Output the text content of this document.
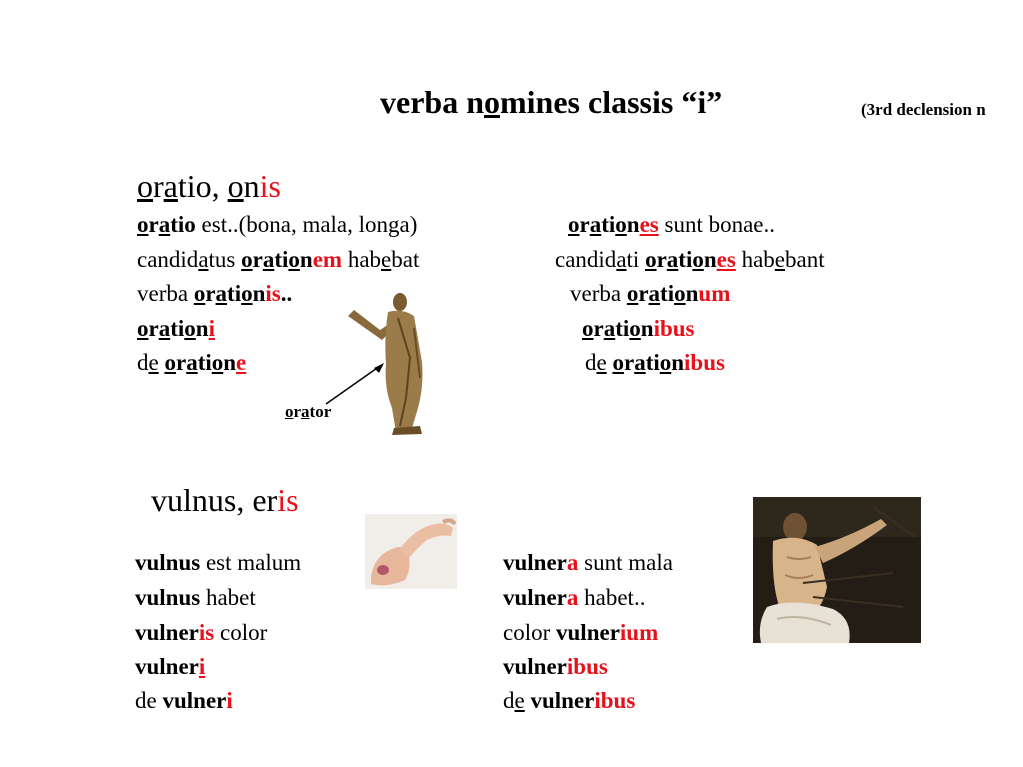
verba nomines classis “i”	(3rd declension n
oratio, onis
oratio est..(bona, mala, longa)
candidatus orationem habebat
verba orationis..
orationi
de oratione
orationes sunt bonae..
candidati orationes habebant
verba orationum
orationibus
de orationibus
orator
vulnus, eris
vulnus est malum
vulnus habet
vulneris color
vulneri
de vulneri
vulnera sunt mala
vulnera habet..
color vulnerium
vulneribus
de vulneribus
